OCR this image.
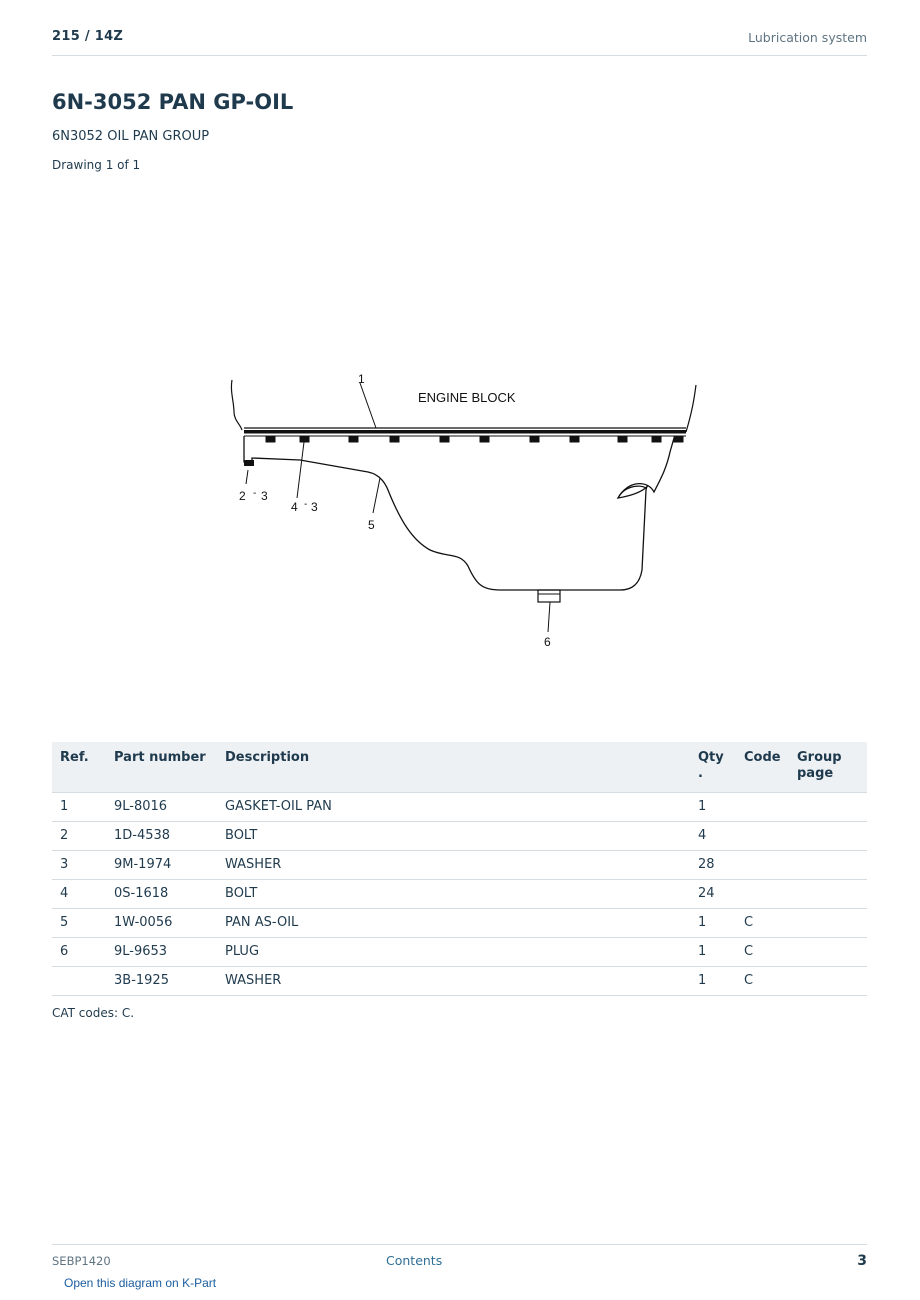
215 / 14Z	Lubrication system
6N-3052 PAN GP-OIL
6N3052 OIL PAN GROUP
Drawing 1 of 1
ENGINE BLOCK
1
2 - 3
4 - 3
5
6
Ref.	Part number	Description	Qty .	Code	Group page
1	9L-8016	GASKET-OIL PAN	1		
2	1D-4538	BOLT	4		
3	9M-1974	WASHER	28		
4	0S-1618	BOLT	24		
5	1W-0056	PAN AS-OIL	1	C	
6	9L-9653	PLUG	1	C	
	3B-1925	WASHER	1	C	
CAT codes: C.
SEBP1420	Contents	3
Open this diagram on K-Part
